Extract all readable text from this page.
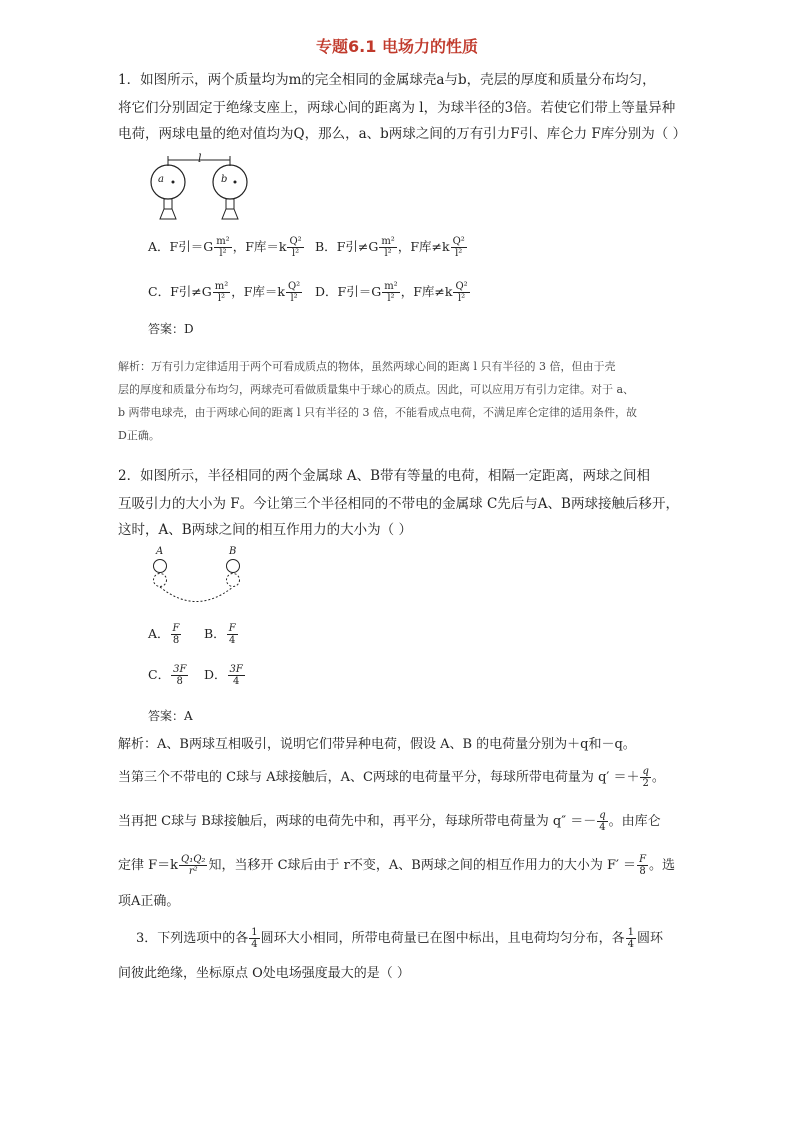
专题6.1 电场力的性质
1．如图所示，两个质量均为m的完全相同的金属球壳a与b，壳层的厚度和质量分布均匀，
将它们分别固定于绝缘支座上，两球心间的距离为 l，为球半径的3倍。若使它们带上等量异种
电荷，两球电量的绝对值均为Q，那么，a、b两球之间的万有引力F引、库仑力 F库分别为（ ）
l
a	b
A．F引$=G \frac{\text{m²}}{\text{l²}}$ ，F库$=k \frac{\text{Q²}}{\text{l²}}$ B．F引$\ne G \frac{\text{m²}}{\text{l²}}$ ，F库$\ne k \frac{\text{Q²}}{\text{l²}}$
C．F引$\ne G \frac{\text{m²}}{\text{l²}}$ ，F库$=k \frac{\text{Q²}}{\text{l²}}$ D．F引$=G \frac{\text{m²}}{\text{l²}}$ ，F库$\ne k \frac{\text{Q²}}{\text{l²}}$
答案：D
解析：万有引力定律适用于两个可看成质点的物体，虽然两球心间的距离 l 只有半径的 3 倍，但由于壳
层的厚度和质量分布均匀，两球壳可看做质量集中于球心的质点。因此，可以应用万有引力定律。对于 a、
b 两带电球壳，由于两球心间的距离 l 只有半径的 3 倍，不能看成点电荷，不满足库仑定律的适用条件，故
D正确。
2．如图所示，半径相同的两个金属球 A、B带有等量的电荷，相隔一定距离，两球之间相
互吸引力的大小为 F。今让第三个半径相同的不带电的金属球 C先后与A、B两球接触后移开，
这时，A、B两球之间的相互作用力的大小为（ ）
A	B
A． $\frac{F}{8}$ B． $\frac{F}{4}$
C． $\frac{3F}{8}$ D． $\frac{3F}{4}$
答案：A
解析：A、B两球互相吸引，说明它们带异种电荷，假设 A、B 的电荷量分别为＋q和－q。
当第三个不带电的 C球与 A球接触后，A、C两球的电荷量平分，每球所带电荷量为 $q' =+ \frac{q}{2}$ 。
当再把 C球与 B球接触后，两球的电荷先中和，再平分，每球所带电荷量为 $q'' =- \frac{q}{4}$ 。由库仑
定律 $F=k \frac{\text{Q₁Q₂}}{\text{r²}}$ 知，当移开 C球后由于 r不变，A、B两球之间的相互作用力的大小为 $F' = \frac{F}{8}$ 。选
项A正确。
3．下列选项中的各 $\frac{1}{4}$ 圆环大小相同，所带电荷量已在图中标出，且电荷均匀分布，各 $\frac{1}{4}$ 圆环
间彼此绝缘，坐标原点 O处电场强度最大的是（ ）
